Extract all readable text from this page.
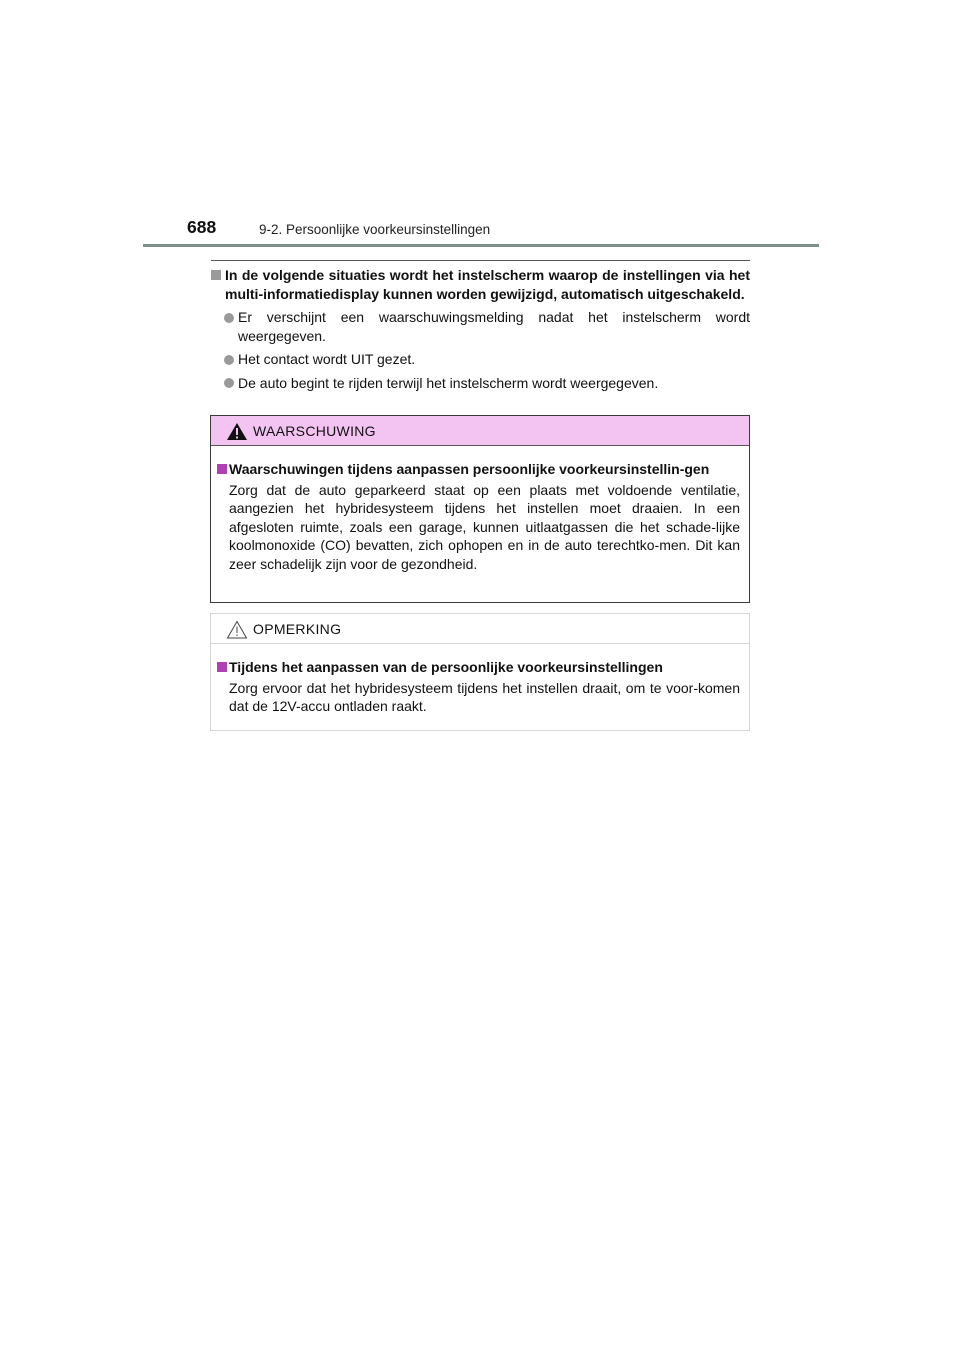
688	9-2. Persoonlijke voorkeursinstellingen
In de volgende situaties wordt het instelscherm waarop de instellingen via het multi-informatiedisplay kunnen worden gewijzigd, automatisch uitgeschakeld.
Er verschijnt een waarschuwingsmelding nadat het instelscherm wordt weergegeven.
Het contact wordt UIT gezet.
De auto begint te rijden terwijl het instelscherm wordt weergegeven.
WAARSCHUWING
Waarschuwingen tijdens aanpassen persoonlijke voorkeursinstellin-gen
Zorg dat de auto geparkeerd staat op een plaats met voldoende ventilatie, aangezien het hybridesysteem tijdens het instellen moet draaien. In een afgesloten ruimte, zoals een garage, kunnen uitlaatgassen die het schade-lijke koolmonoxide (CO) bevatten, zich ophopen en in de auto terechtko-men. Dit kan zeer schadelijk zijn voor de gezondheid.
OPMERKING
Tijdens het aanpassen van de persoonlijke voorkeursinstellingen
Zorg ervoor dat het hybridesysteem tijdens het instellen draait, om te voor-komen dat de 12V-accu ontladen raakt.
